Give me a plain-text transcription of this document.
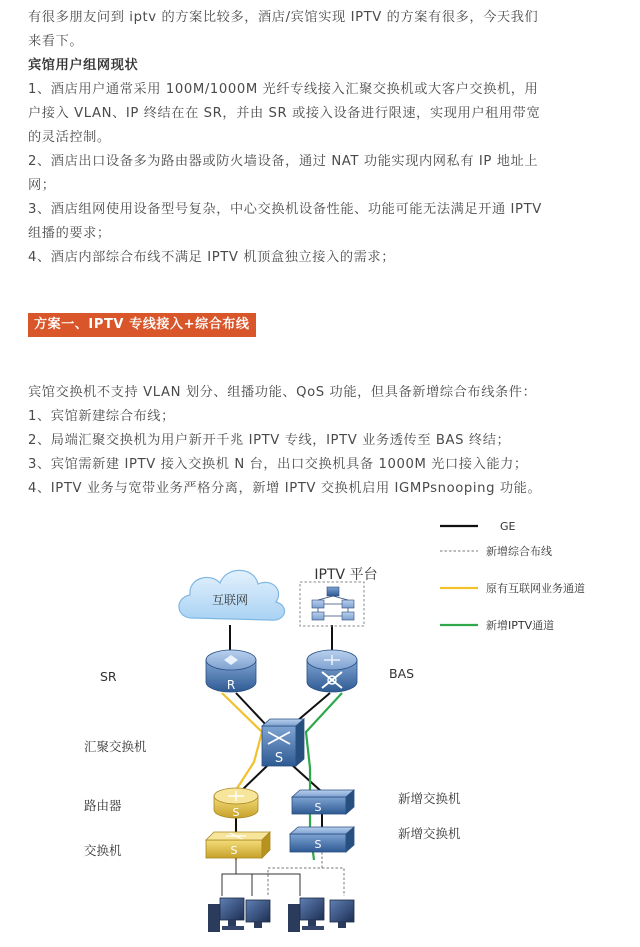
有很多朋友问到 iptv 的方案比较多，酒店/宾馆实现 IPTV 的方案有很多，今天我们
来看下。
宾馆用户组网现状
1、酒店用户通常采用 100M/1000M 光纤专线接入汇聚交换机或大客户交换机，用
户接入 VLAN、IP 终结在在 SR，并由 SR 或接入设备进行限速，实现用户租用带宽
的灵活控制。
2、酒店出口设备多为路由器或防火墙设备，通过 NAT 功能实现内网私有 IP 地址上
网；
3、酒店组网使用设备型号复杂，中心交换机设备性能、功能可能无法满足开通 IPTV
组播的要求；
4、酒店内部综合布线不满足 IPTV 机顶盒独立接入的需求；
方案一、IPTV 专线接入+综合布线
宾馆交换机不支持 VLAN 划分、组播功能、QoS 功能，但具备新增综合布线条件：
1、宾馆新建综合布线；
2、局端汇聚交换机为用户新开千兆 IPTV 专线，IPTV 业务透传至 BAS 终结；
3、宾馆需新建 IPTV 接入交换机 N 台，出口交换机具备 1000M 光口接入能力；
4、IPTV 业务与宽带业务严格分离，新增 IPTV 交换机启用 IGMPsnooping 功能。
GE
新增综合布线
原有互联网业务通道
新增IPTV通道
互联网
IPTV 平台
R
SR	BAS
S
汇聚交换机
S
路由器
S
交换机
S
新增交换机
S
新增交换机
